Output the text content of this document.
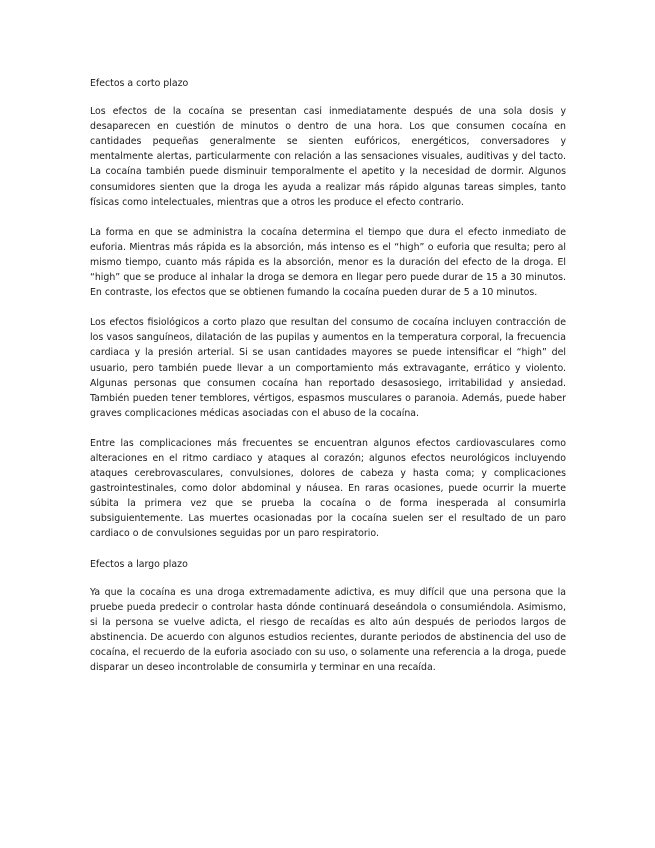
Efectos a corto plazo

Los efectos de la cocaína se presentan casi inmediatamente después de una sola dosis y desaparecen en cuestión de minutos o dentro de una hora. Los que consumen cocaína en cantidades pequeñas generalmente se sienten eufóricos, energéticos, conversadores y mentalmente alertas, particularmente con relación a las sensaciones visuales, auditivas y del tacto. La cocaína también puede disminuir temporalmente el apetito y la necesidad de dormir. Algunos consumidores sienten que la droga les ayuda a realizar más rápido algunas tareas simples, tanto físicas como intelectuales, mientras que a otros les produce el efecto contrario.

La forma en que se administra la cocaína determina el tiempo que dura el efecto inmediato de euforia. Mientras más rápida es la absorción, más intenso es el “high” o euforia que resulta; pero al mismo tiempo, cuanto más rápida es la absorción, menor es la duración del efecto de la droga. El “high” que se produce al inhalar la droga se demora en llegar pero puede durar de 15 a 30 minutos. En contraste, los efectos que se obtienen fumando la cocaína pueden durar de 5 a 10 minutos.

Los efectos fisiológicos a corto plazo que resultan del consumo de cocaína incluyen contracción de los vasos sanguíneos, dilatación de las pupilas y aumentos en la temperatura corporal, la frecuencia cardiaca y la presión arterial. Si se usan cantidades mayores se puede intensificar el “high” del usuario, pero también puede llevar a un comportamiento más extravagante, errático y violento. Algunas personas que consumen cocaína han reportado desasosiego, irritabilidad y ansiedad. También pueden tener temblores, vértigos, espasmos musculares o paranoia. Además, puede haber graves complicaciones médicas asociadas con el abuso de la cocaína.

Entre las complicaciones más frecuentes se encuentran algunos efectos cardiovasculares como alteraciones en el ritmo cardiaco y ataques al corazón; algunos efectos neurológicos incluyendo ataques cerebrovasculares, convulsiones, dolores de cabeza y hasta coma; y complicaciones gastrointestinales, como dolor abdominal y náusea. En raras ocasiones, puede ocurrir la muerte súbita la primera vez que se prueba la cocaína o de forma inesperada al consumirla subsiguientemente. Las muertes ocasionadas por la cocaína suelen ser el resultado de un paro cardiaco o de convulsiones seguidas por un paro respiratorio.

Efectos a largo plazo

Ya que la cocaína es una droga extremadamente adictiva, es muy difícil que una persona que la pruebe pueda predecir o controlar hasta dónde continuará deseándola o consumiéndola. Asimismo, si la persona se vuelve adicta, el riesgo de recaídas es alto aún después de periodos largos de abstinencia. De acuerdo con algunos estudios recientes, durante periodos de abstinencia del uso de cocaína, el recuerdo de la euforia asociado con su uso, o solamente una referencia a la droga, puede disparar un deseo incontrolable de consumirla y terminar en una recaída.
